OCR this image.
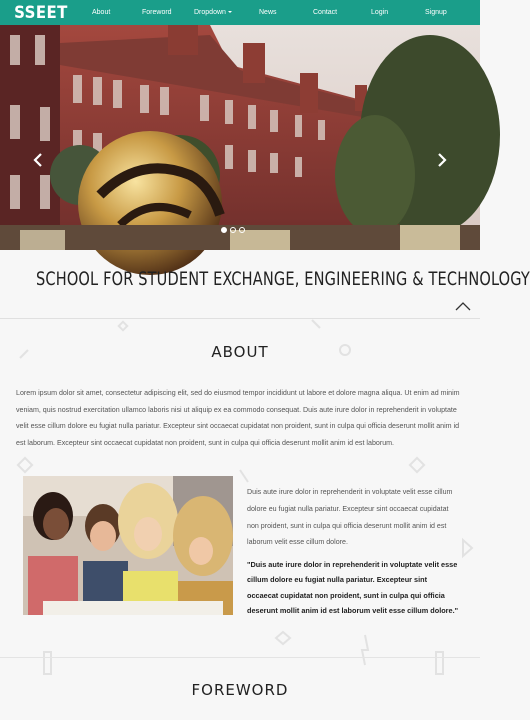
SSEET	About	Foreword	Dropdown	News	Contact	Login	Signup
SCHOOL FOR STUDENT EXCHANGE, ENGINEERING & TECHNOLOGY
ABOUT
Lorem ipsum dolor sit amet, consectetur adipiscing elit, sed do eiusmod tempor incididunt ut labore et dolore magna aliqua. Ut enim ad minim veniam, quis nostrud exercitation ullamco laboris nisi ut aliquip ex ea commodo consequat. Duis aute irure dolor in reprehenderit in voluptate velit esse cillum dolore eu fugiat nulla pariatur. Excepteur sint occaecat cupidatat non proident, sunt in culpa qui officia deserunt mollit anim id est laborum. Excepteur sint occaecat cupidatat non proident, sunt in culpa qui officia deserunt mollit anim id est laborum.
Duis aute irure dolor in reprehenderit in voluptate velit esse cillum dolore eu fugiat nulla pariatur. Excepteur sint occaecat cupidatat non proident, sunt in culpa qui officia deserunt mollit anim id est laborum velit esse cillum dolore.
"Duis aute irure dolor in reprehenderit in voluptate velit esse cillum dolore eu fugiat nulla pariatur. Excepteur sint occaecat cupidatat non proident, sunt in culpa qui officia deserunt mollit anim id est laborum velit esse cillum dolore."
FOREWORD
